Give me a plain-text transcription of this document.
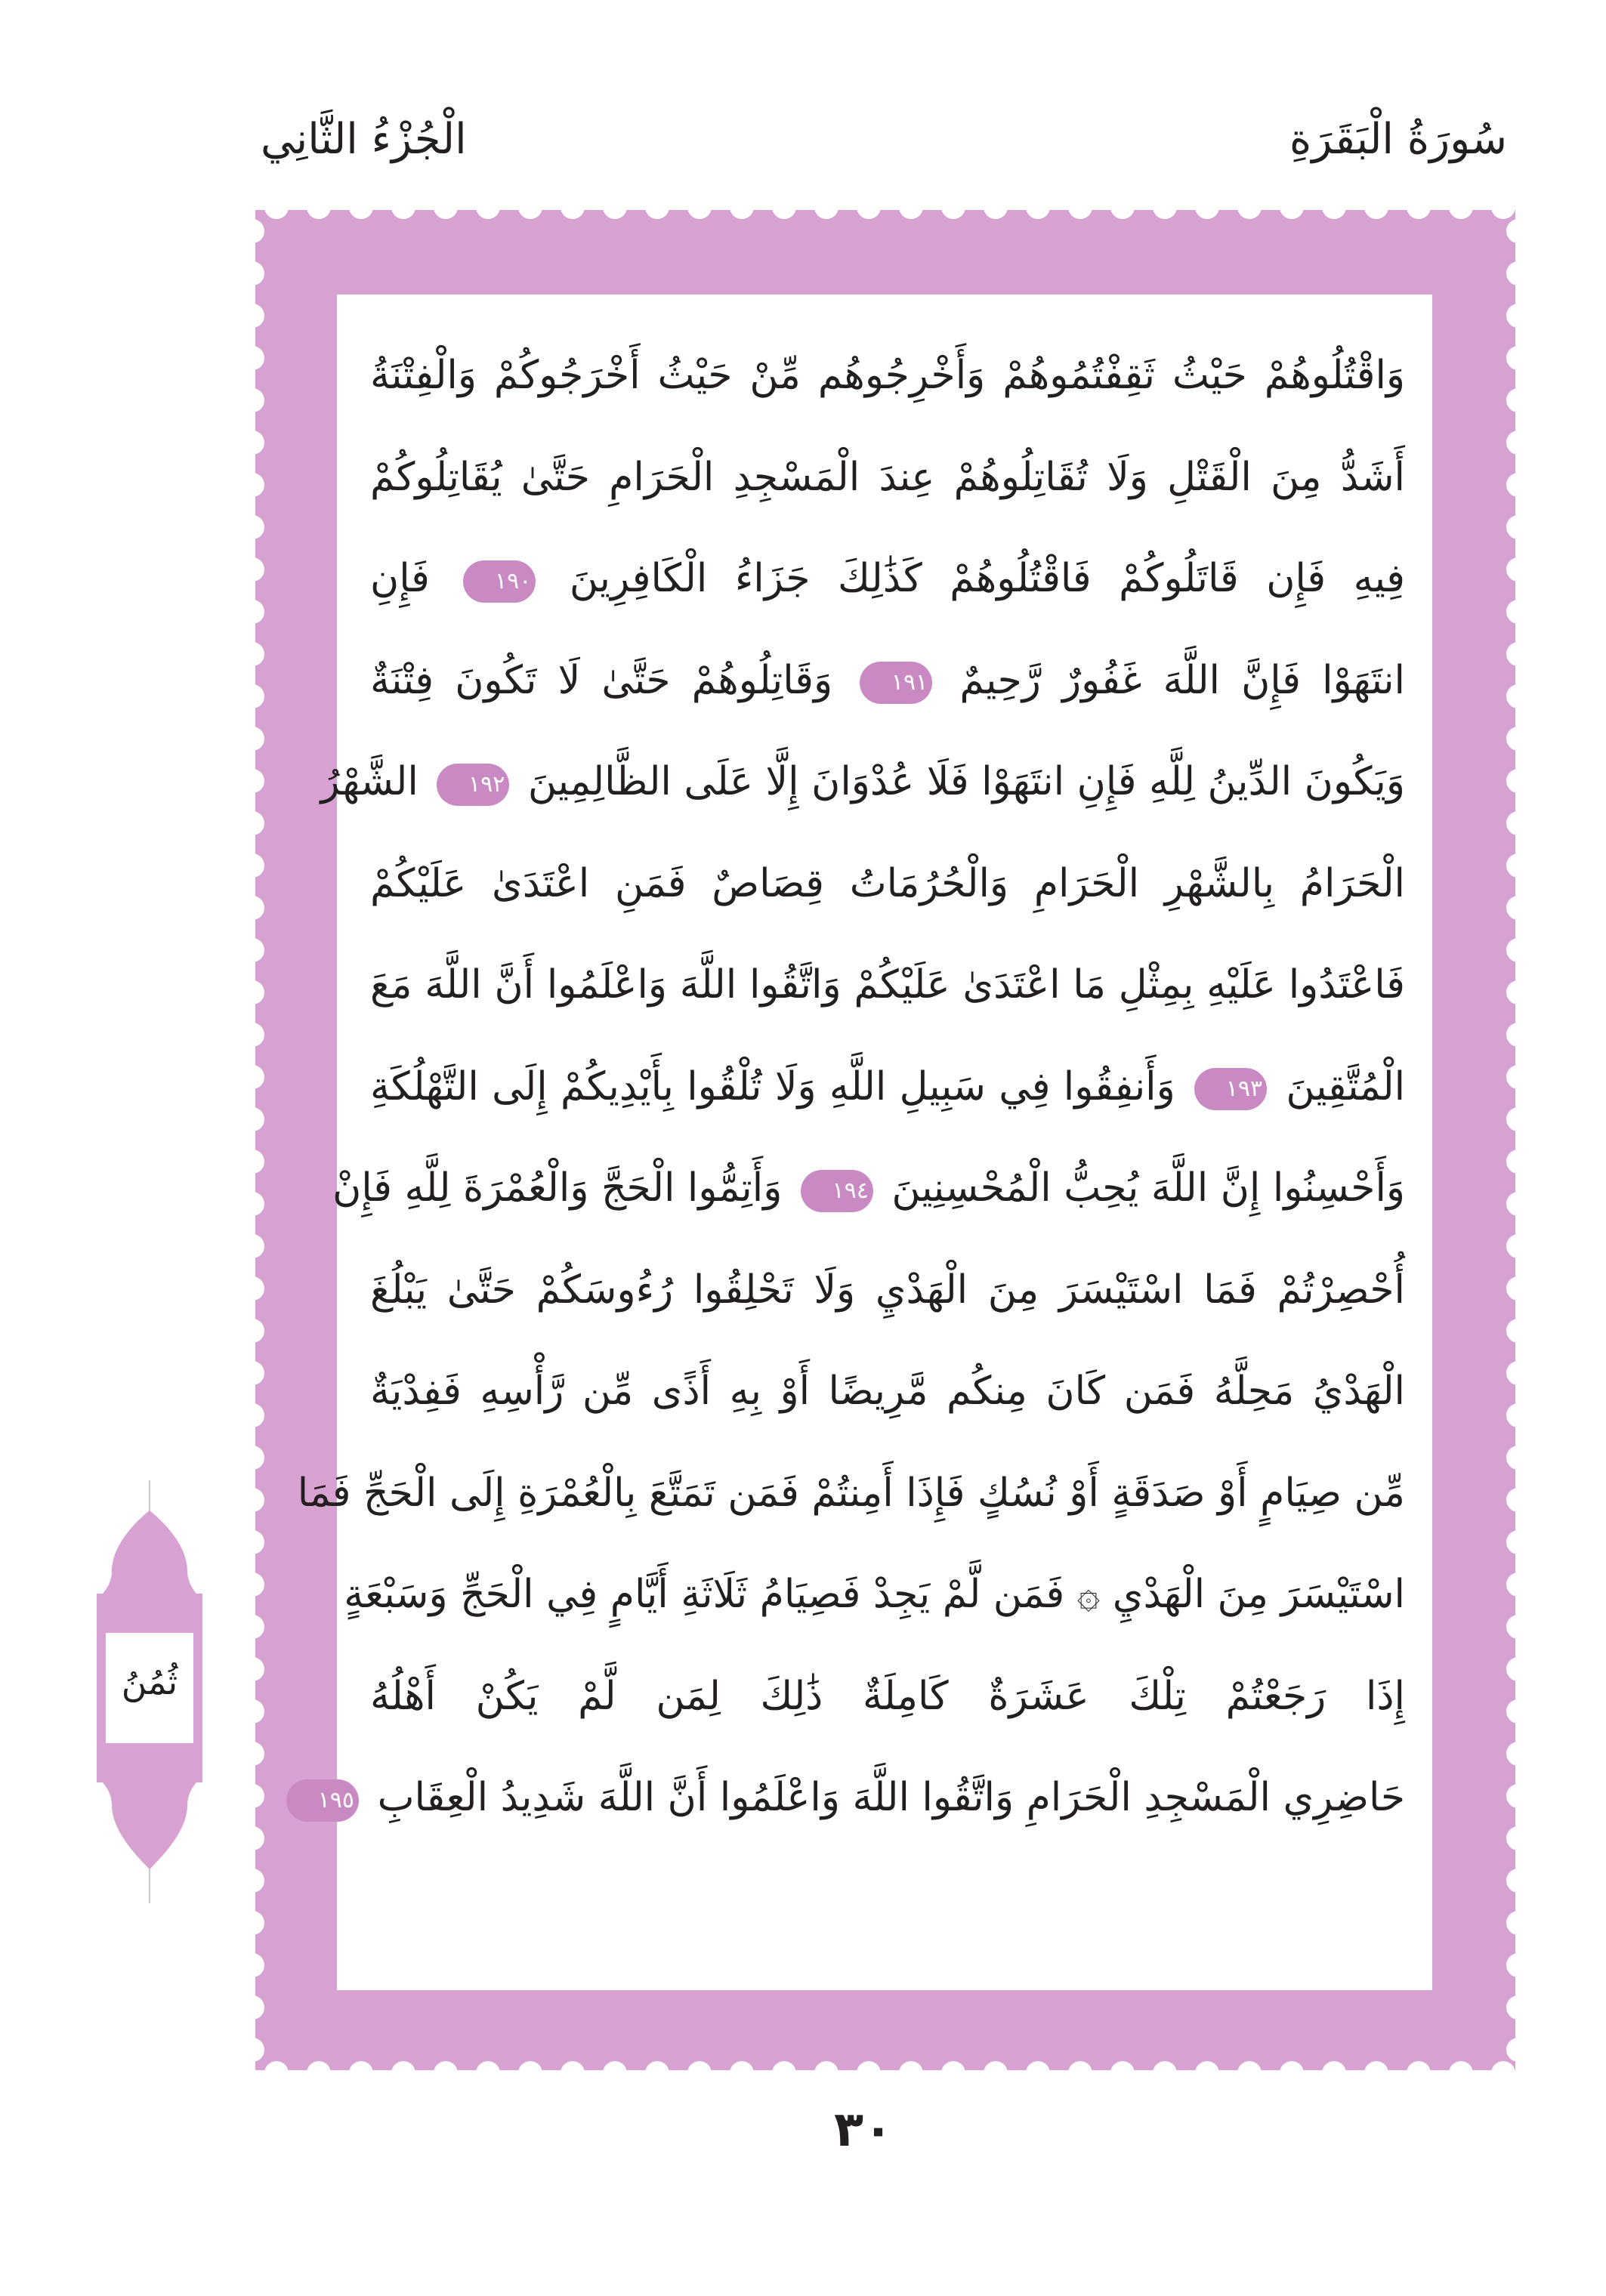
سُورَةُ الْبَقَرَةِ
الْجُزْءُ الثَّانِي
وَاقْتُلُوهُمْ حَيْثُ ثَقِفْتُمُوهُمْ وَأَخْرِجُوهُم مِّنْ حَيْثُ أَخْرَجُوكُمْ وَالْفِتْنَةُ
أَشَدُّ مِنَ الْقَتْلِ وَلَا تُقَاتِلُوهُمْ عِندَ الْمَسْجِدِ الْحَرَامِ حَتَّىٰ يُقَاتِلُوكُمْ
فِيهِ فَإِن قَاتَلُوكُمْ فَاقْتُلُوهُمْ كَذَٰلِكَ جَزَاءُ الْكَافِرِينَ ١٩٠ فَإِنِ
انتَهَوْا فَإِنَّ اللَّهَ غَفُورٌ رَّحِيمٌ ١٩١ وَقَاتِلُوهُمْ حَتَّىٰ لَا تَكُونَ فِتْنَةٌ
وَيَكُونَ الدِّينُ لِلَّهِ فَإِنِ انتَهَوْا فَلَا عُدْوَانَ إِلَّا عَلَى الظَّالِمِينَ ١٩٢ الشَّهْرُ
الْحَرَامُ بِالشَّهْرِ الْحَرَامِ وَالْحُرُمَاتُ قِصَاصٌ فَمَنِ اعْتَدَىٰ عَلَيْكُمْ
فَاعْتَدُوا عَلَيْهِ بِمِثْلِ مَا اعْتَدَىٰ عَلَيْكُمْ وَاتَّقُوا اللَّهَ وَاعْلَمُوا أَنَّ اللَّهَ مَعَ
الْمُتَّقِينَ ١٩٣ وَأَنفِقُوا فِي سَبِيلِ اللَّهِ وَلَا تُلْقُوا بِأَيْدِيكُمْ إِلَى التَّهْلُكَةِ
وَأَحْسِنُوا إِنَّ اللَّهَ يُحِبُّ الْمُحْسِنِينَ ١٩٤ وَأَتِمُّوا الْحَجَّ وَالْعُمْرَةَ لِلَّهِ فَإِنْ
أُحْصِرْتُمْ فَمَا اسْتَيْسَرَ مِنَ الْهَدْيِ وَلَا تَحْلِقُوا رُءُوسَكُمْ حَتَّىٰ يَبْلُغَ
الْهَدْيُ مَحِلَّهُ فَمَن كَانَ مِنكُم مَّرِيضًا أَوْ بِهِ أَذًى مِّن رَّأْسِهِ فَفِدْيَةٌ
مِّن صِيَامٍ أَوْ صَدَقَةٍ أَوْ نُسُكٍ فَإِذَا أَمِنتُمْ فَمَن تَمَتَّعَ بِالْعُمْرَةِ إِلَى الْحَجِّ فَمَا
اسْتَيْسَرَ مِنَ الْهَدْيِ ۞ فَمَن لَّمْ يَجِدْ فَصِيَامُ ثَلَاثَةِ أَيَّامٍ فِي الْحَجِّ وَسَبْعَةٍ
إِذَا رَجَعْتُمْ تِلْكَ عَشَرَةٌ كَامِلَةٌ ذَٰلِكَ لِمَن لَّمْ يَكُنْ أَهْلُهُ
حَاضِرِي الْمَسْجِدِ الْحَرَامِ وَاتَّقُوا اللَّهَ وَاعْلَمُوا أَنَّ اللَّهَ شَدِيدُ الْعِقَابِ ١٩٥
ثُمُنُ
٣٠
